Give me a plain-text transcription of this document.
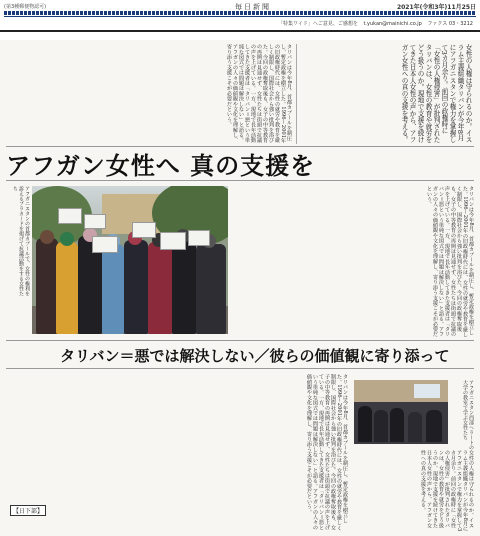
(第3種郵便物認可)	毎日新聞	2021年(令和3年)11月25日
「特集ワイド」へご意見、ご感想を t.yukan@mainichi.co.jp ファクス 03・3212
女性の人権は守られるのか。イスラム主義組織タリバンが今年8月にアフガニスタンで権力を掌握して3カ月余り。前回の政権時に「女性の人権侵害」が批判されたタリバンは、女性の教育や就労をどう扱うのか。現地で支援を続けてきた日本人女性の声から、アフガン女性への真の支援を考える。
タリバンは今年8月、首都カブールを制圧し、暫定政権を樹立した。1996〜2001年の旧政権時代には、女性の就労や教育を厳しく制限し、国際社会から強い批判を浴びた。今回の政権奪取後も、女子の中等教育の再開は見通せず、女性たちは街頭で抗議の声を上げている。一方、現地で長年活動してきた支援者は「タリバン＝悪という単純な図式では問題は解決しない」と語る。アフガンの人々の価値観や文化を理解し、寄り添う支援こそが必要だという。
アフガン女性へ 真の支援を
アフガニスタンの首都カブールで、女性の権利を訴えるプラカードを掲げて抗議活動をする女性たち	タリバンは今年8月、首都カブールを制圧し、暫定政権を樹立した。1996〜2001年の旧政権時代には、女性の就労や教育を厳しく制限し、国際社会から強い批判を浴びた。今回の政権奪取後も、女子の中等教育の再開は見通せず、女性たちは街頭で抗議の声を上げている。一方、現地で長年活動してきた支援者は「タリバン＝悪という単純な図式では問題は解決しない」と語る。アフガンの人々の価値観や文化を理解し、寄り添う支援こそが必要だという。
タリバン＝悪では解決しない／彼らの価値観に寄り添って
タリバンは今年8月、首都カブールを制圧し、暫定政権を樹立した。1996〜2001年の旧政権時代には、女性の就労や教育を厳しく制限し、国際社会から強い批判を浴びた。今回の政権奪取後も、女子の中等教育の再開は見通せず、女性たちは街頭で抗議の声を上げている。一方、現地で長年活動してきた支援者は「タリバン＝悪という単純な図式では問題は解決しない」と語る。アフガンの人々の価値観や文化を理解し、寄り添う支援こそが必要だという。	アフガニスタン西部ヘラートの大学の教室で学ぶ女性たち
女性の人権は守られるのか。イスラム主義組織タリバンが今年8月にアフガニスタンで権力を掌握して3カ月余り。前回の政権時に「女性の人権侵害」が批判されたタリバンは、女性の教育や就労をどう扱うのか。現地で支援を続けてきた日本人女性の声から、アフガン女性への真の支援を考える。
【日下部】
